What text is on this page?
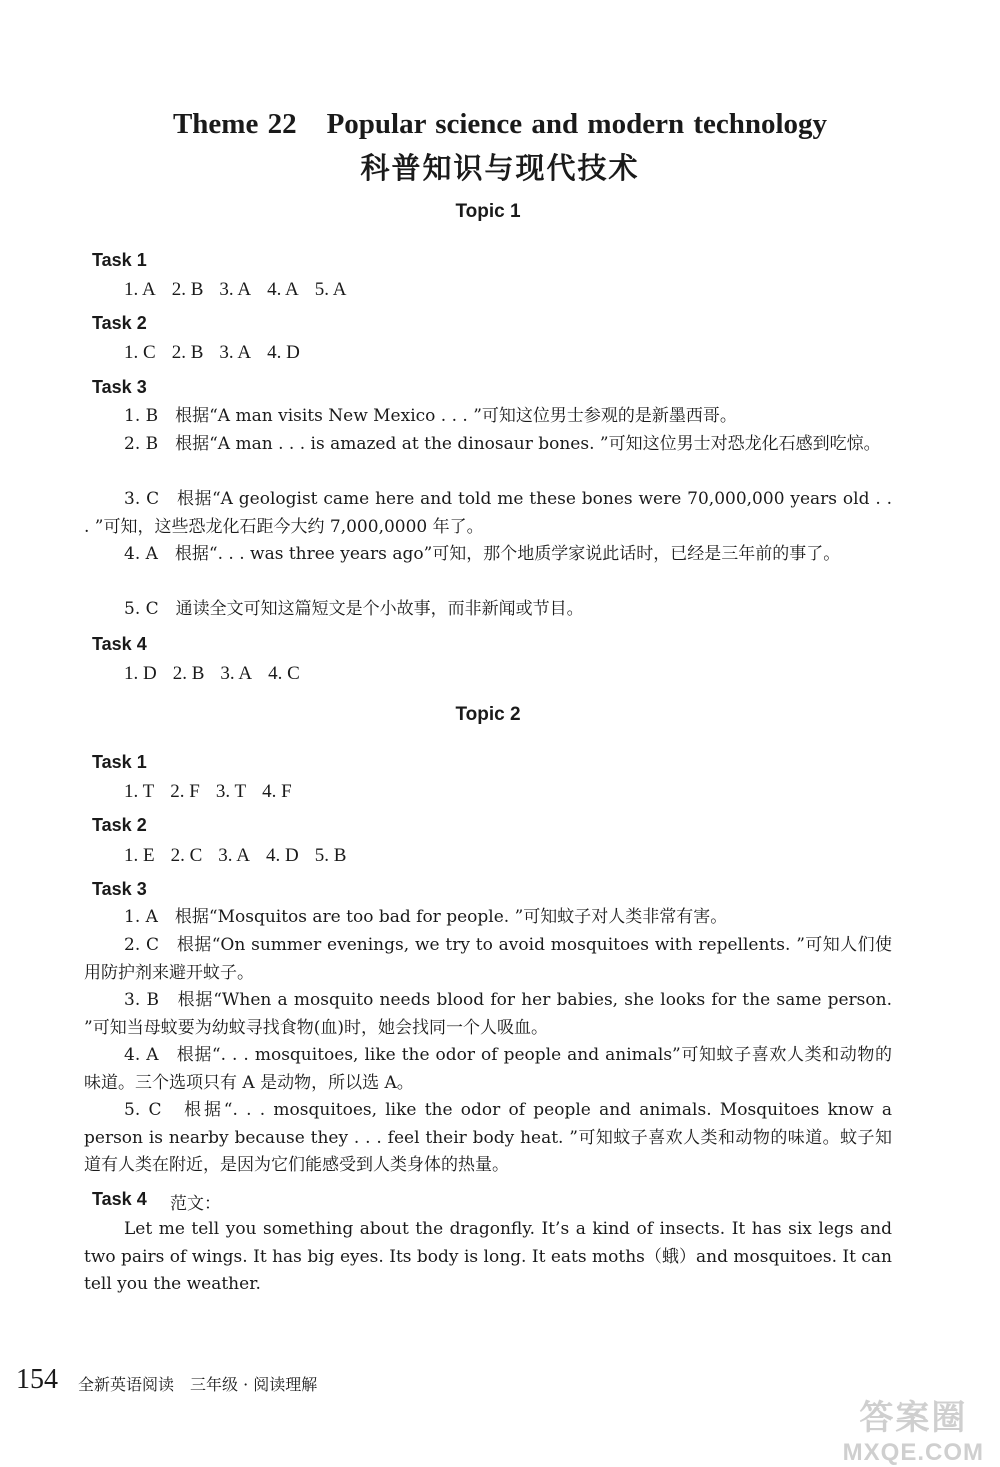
Theme 22 Popular science and modern technology
科普知识与现代技术
Topic 1
Task 1
1. A 2. B 3. A 4. A 5. A
Task 2
1. C 2. B 3. A 4. D
Task 3

1. B　根据“A man visits New Mexico . . . ”可知这位男士参观的是新墨西哥。

2. B　根据“A man . . . is amazed at the dinosaur bones. ”可知这位男士对恐龙化石感到吃惊。

3. C　根据“A geologist came here and told me these bones were 70,000,000 years old . . . ”可知，这些恐龙化石距今大约 7,000,0000 年了。

4. A　根据“. . . was three years ago”可知，那个地质学家说此话时，已经是三年前的事了。

5. C　通读全文可知这篇短文是个小故事，而非新闻或节目。

Task 4
1. D 2. B 3. A 4. C
Topic 2
Task 1
1. T 2. F 3. T 4. F
Task 2
1. E 2. C 3. A 4. D 5. B
Task 3

1. A　根据“Mosquitos are too bad for people. ”可知蚊子对人类非常有害。

2. C　根据“On summer evenings, we try to avoid mosquitoes with repellents. ”可知人们使用防护剂来避开蚊子。

3. B　根据“When a mosquito needs blood for her babies, she looks for the same person. ”可知当母蚊要为幼蚊寻找食物(血)时，她会找同一个人吸血。

4. A　根据“. . . mosquitoes, like the odor of people and animals”可知蚊子喜欢人类和动物的味道。三个选项只有 A 是动物，所以选 A。

5. C　根据“. . . mosquitoes, like the odor of people and animals. Mosquitoes know a person is nearby because they . . . feel their body heat. ”可知蚊子喜欢人类和动物的味道。蚊子知道有人类在附近，是因为它们能感受到人类身体的热量。

Task 4 范文：

Let me tell you something about the dragonfly. It’s a kind of insects. It has six legs and two pairs of wings. It has big eyes. Its body is long. It eats moths（蛾）and mosquitoes. It can tell you the weather.

154 全新英语阅读　三年级 · 阅读理解
答案圈
MXQE.COM
